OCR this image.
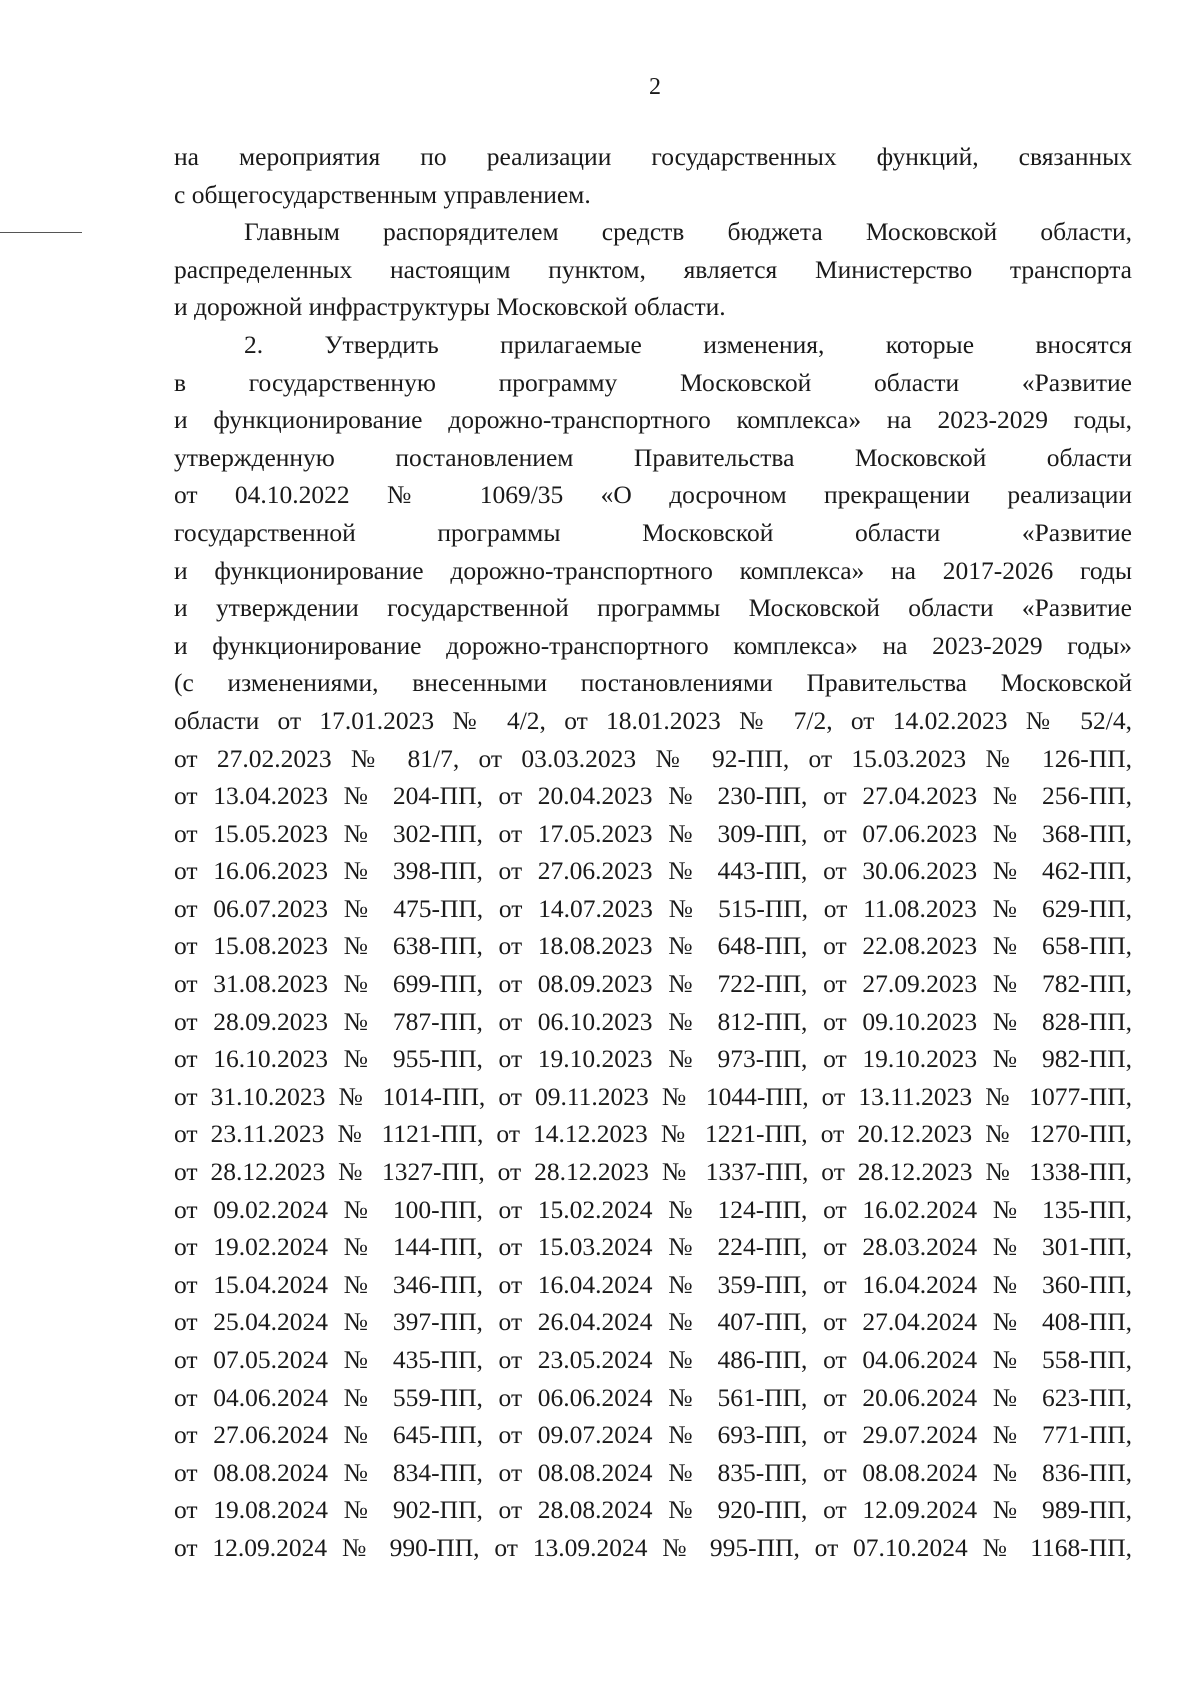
2
на мероприятия по реализации государственных функций, связанных
с общегосударственным управлением.
Главным распорядителем средств бюджета Московской области,
распределенных настоящим пунктом, является Министерство транспорта
и дорожной инфраструктуры Московской области.
2. Утвердить прилагаемые изменения, которые вносятся
в государственную программу Московской области «Развитие
и функционирование дорожно-транспортного комплекса» на 2023-2029 годы,
утвержденную постановлением Правительства Московской области
от 04.10.2022 № 1069/35 «О досрочном прекращении реализации
государственной программы Московской области «Развитие
и функционирование дорожно-транспортного комплекса» на 2017-2026 годы
и утверждении государственной программы Московской области «Развитие
и функционирование дорожно-транспортного комплекса» на 2023-2029 годы»
(с изменениями, внесенными постановлениями Правительства Московской
области от 17.01.2023 № 4/2, от 18.01.2023 № 7/2, от 14.02.2023 № 52/4,
от 27.02.2023 № 81/7, от 03.03.2023 № 92-ПП, от 15.03.2023 № 126-ПП,
от 13.04.2023 № 204-ПП, от 20.04.2023 № 230-ПП, от 27.04.2023 № 256-ПП,
от 15.05.2023 № 302-ПП, от 17.05.2023 № 309-ПП, от 07.06.2023 № 368-ПП,
от 16.06.2023 № 398-ПП, от 27.06.2023 № 443-ПП, от 30.06.2023 № 462-ПП,
от 06.07.2023 № 475-ПП, от 14.07.2023 № 515-ПП, от 11.08.2023 № 629-ПП,
от 15.08.2023 № 638-ПП, от 18.08.2023 № 648-ПП, от 22.08.2023 № 658-ПП,
от 31.08.2023 № 699-ПП, от 08.09.2023 № 722-ПП, от 27.09.2023 № 782-ПП,
от 28.09.2023 № 787-ПП, от 06.10.2023 № 812-ПП, от 09.10.2023 № 828-ПП,
от 16.10.2023 № 955-ПП, от 19.10.2023 № 973-ПП, от 19.10.2023 № 982-ПП,
от 31.10.2023 № 1014-ПП, от 09.11.2023 № 1044-ПП, от 13.11.2023 № 1077-ПП,
от 23.11.2023 № 1121-ПП, от 14.12.2023 № 1221-ПП, от 20.12.2023 № 1270-ПП,
от 28.12.2023 № 1327-ПП, от 28.12.2023 № 1337-ПП, от 28.12.2023 № 1338-ПП,
от 09.02.2024 № 100-ПП, от 15.02.2024 № 124-ПП, от 16.02.2024 № 135-ПП,
от 19.02.2024 № 144-ПП, от 15.03.2024 № 224-ПП, от 28.03.2024 № 301-ПП,
от 15.04.2024 № 346-ПП, от 16.04.2024 № 359-ПП, от 16.04.2024 № 360-ПП,
от 25.04.2024 № 397-ПП, от 26.04.2024 № 407-ПП, от 27.04.2024 № 408-ПП,
от 07.05.2024 № 435-ПП, от 23.05.2024 № 486-ПП, от 04.06.2024 № 558-ПП,
от 04.06.2024 № 559-ПП, от 06.06.2024 № 561-ПП, от 20.06.2024 № 623-ПП,
от 27.06.2024 № 645-ПП, от 09.07.2024 № 693-ПП, от 29.07.2024 № 771-ПП,
от 08.08.2024 № 834-ПП, от 08.08.2024 № 835-ПП, от 08.08.2024 № 836-ПП,
от 19.08.2024 № 902-ПП, от 28.08.2024 № 920-ПП, от 12.09.2024 № 989-ПП,
от 12.09.2024 № 990-ПП, от 13.09.2024 № 995-ПП, от 07.10.2024 № 1168-ПП,
